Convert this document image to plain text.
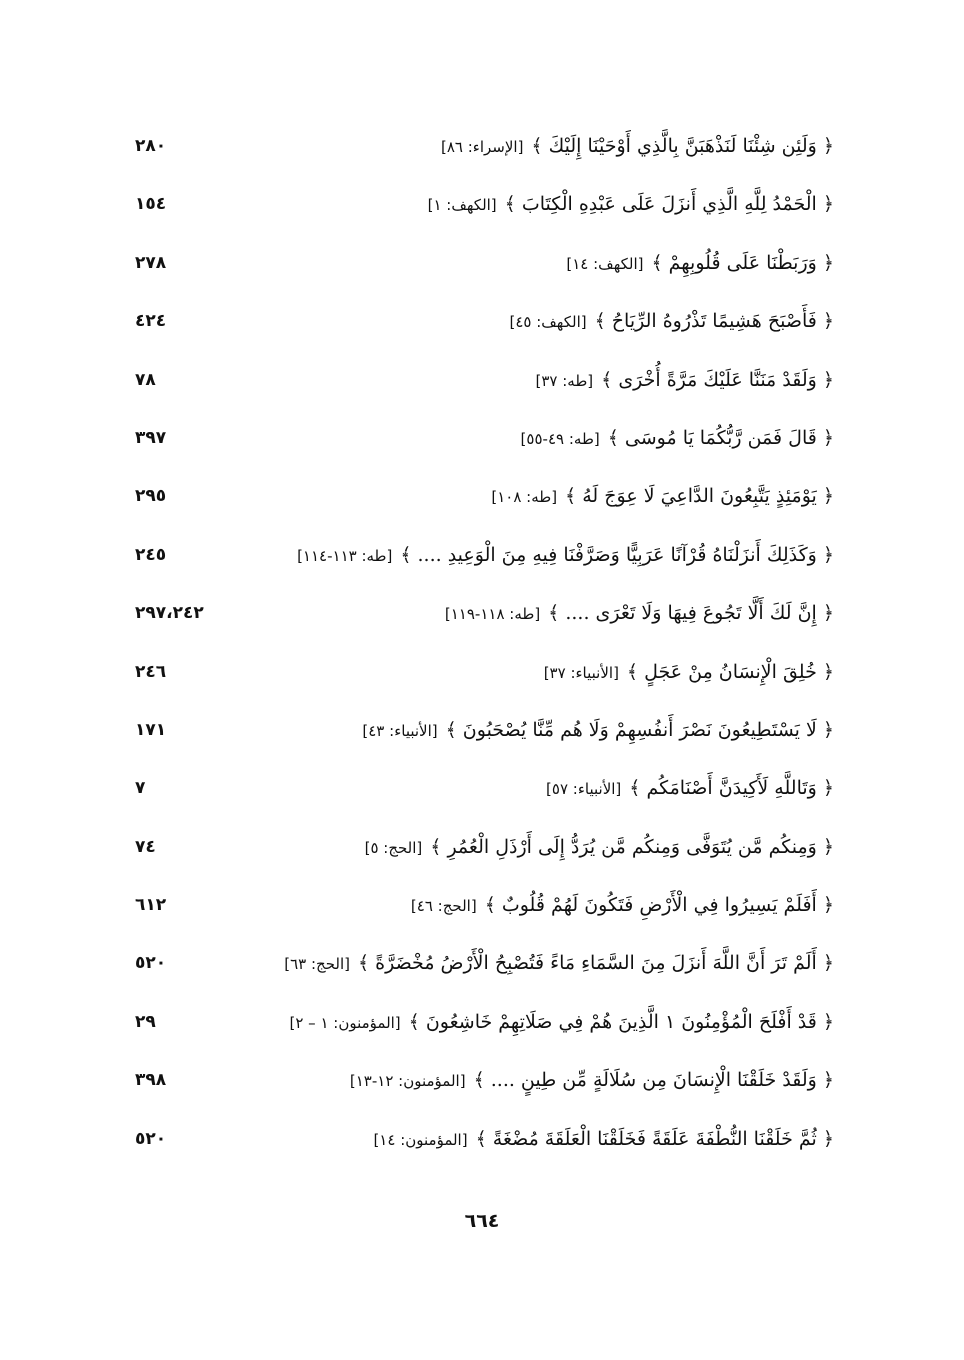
﴿ وَلَئِن شِئْنَا لَنَذْهَبَنَّ بِالَّذِي أَوْحَيْنَا إِلَيْكَ ﴾[الإسراء: ٨٦]
٢٨٠
﴿ الْحَمْدُ لِلَّهِ الَّذِي أَنزَلَ عَلَى عَبْدِهِ الْكِتَابَ ﴾[الكهف: ١]
١٥٤
﴿ وَرَبَطْنَا عَلَى قُلُوبِهِمْ ﴾[الكهف: ١٤]
٢٧٨
﴿ فَأَصْبَحَ هَشِيمًا تَذْرُوهُ الرِّيَاحُ ﴾[الكهف: ٤٥]
٤٢٤
﴿ وَلَقَدْ مَنَنَّا عَلَيْكَ مَرَّةً أُخْرَى ﴾[طه: ٣٧]
٧٨
﴿ قَالَ فَمَن رَّبُّكُمَا يَا مُوسَى ﴾[طه: ٤٩-٥٥]
٣٩٧
﴿ يَوْمَئِذٍ يَتَّبِعُونَ الدَّاعِيَ لَا عِوَجَ لَهُ ﴾[طه: ١٠٨]
٢٩٥
﴿ وَكَذَلِكَ أَنزَلْنَاهُ قُرْآنًا عَرَبِيًّا وَصَرَّفْنَا فِيهِ مِنَ الْوَعِيدِ .... ﴾[طه: ١١٣-١١٤]
٢٤٥
﴿ إِنَّ لَكَ أَلَّا تَجُوعَ فِيهَا وَلَا تَعْرَى .... ﴾[طه: ١١٨-١١٩]
٢٩٧،٢٤٢
﴿ خُلِقَ الْإِنسَانُ مِنْ عَجَلٍ ﴾[الأنبياء: ٣٧]
٢٤٦
﴿ لَا يَسْتَطِيعُونَ نَصْرَ أَنفُسِهِمْ وَلَا هُم مِّنَّا يُصْحَبُونَ ﴾[الأنبياء: ٤٣]
١٧١
﴿ وَتَاللَّهِ لَأَكِيدَنَّ أَصْنَامَكُم ﴾[الأنبياء: ٥٧]
٧
﴿ وَمِنكُم مَّن يُتَوَفَّى وَمِنكُم مَّن يُرَدُّ إِلَى أَرْذَلِ الْعُمُرِ ﴾[الحج: ٥]
٧٤
﴿ أَفَلَمْ يَسِيرُوا فِي الْأَرْضِ فَتَكُونَ لَهُمْ قُلُوبٌ ﴾[الحج: ٤٦]
٦١٢
﴿ أَلَمْ تَرَ أَنَّ اللَّهَ أَنزَلَ مِنَ السَّمَاءِ مَاءً فَتُصْبِحُ الْأَرْضُ مُخْضَرَّةً ﴾[الحج: ٦٣]
٥٢٠
﴿ قَدْ أَفْلَحَ الْمُؤْمِنُونَ ١ الَّذِينَ هُمْ فِي صَلَاتِهِمْ خَاشِعُونَ ﴾[المؤمنون: ١ – ٢]
٢٩
﴿ وَلَقَدْ خَلَقْنَا الْإِنسَانَ مِن سُلَالَةٍ مِّن طِينٍ .... ﴾[المؤمنون: ١٢-١٣]
٣٩٨
﴿ ثُمَّ خَلَقْنَا النُّطْفَةَ عَلَقَةً فَخَلَقْنَا الْعَلَقَةَ مُضْغَةً ﴾[المؤمنون: ١٤]
٥٢٠
٦٦٤
